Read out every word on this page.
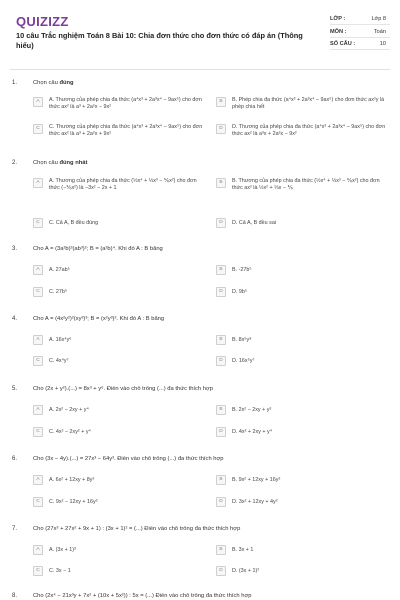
QUIZIZZ
10 câu Trắc nghiệm Toán 8 Bài 10: Chia đơn thức cho đơn thức có đáp án (Thông hiểu)
LỚP :	Lớp 8
MÔN :	Toán
SỐ CÂU :	10
1.	Chọn câu đúng
A	A. Thương của phép chia đa thức (a⁴x³ + 2a³x⁴ − 9ax⁵) cho đơn thức ax² là a³ + 2a²x − 9x²
B	B. Phép chia đa thức (a⁴x³ + 2a³x⁴ − 9ax⁵) cho đơn thức ax²y là phép chia hết
C	C. Thương của phép chia đa thức (a⁴x³ + 2a³x⁴ − 9ax⁵) cho đơn thức ax² là a³ + 2a²x + 9x²
D	D. Thương của phép chia đa thức (a⁴x³ + 2a³x⁴ − 9ax⁵) cho đơn thức ax² là a³x + 2a²x − 9x²
2.	Chọn câu đúng nhất
A	A. Thương của phép chia đa thức (½x⁴ + ⅓x³ − ⅙x²) cho đơn thức (−⅙x²) là −3x² − 2x + 1
B	B. Thương của phép chia đa thức (½x⁴ + ⅓x³ − ⅙x²) cho đơn thức ax² là ½x² + ⅓x − ⅙
C	C. Cả A, B đều đúng	D	D. Cả A, B đều sai
3.	Cho A = (3a²b)³(ab³)²; B = (a²b)⁴. Khi đó A : B bằng
A	A. 27ab⁵	B	B. -27b⁵
C	C. 27b⁵	D	D. 9b⁵
4.	Cho A = (4x²y²)²(xy³)³; B = (x²y³)². Khi đó A : B bằng
A	A. 16x⁴y⁶	B	B. 8x⁵y⁸
C	C. 4x⁴y⁷	D	D. 16x⁵y⁷
5.	Cho (2x + y²).(...) = 8x³ + y⁶. Điền vào chỗ trống (...) đa thức thích hợp
A	A. 2x² − 2xy + y⁴	B	B. 2x² − 2xy + y²
C	C. 4x² − 2xy² + y⁴	D	D. 4x² + 2xy + y⁴
6.	Cho (3x − 4y).(...) = 27x³ − 64y³. Điền vào chỗ trống (...) đa thức thích hợp
A	A. 6x² + 12xy + 8y²	B	B. 9x² + 12xy + 16y²
C	C. 9x² − 12xy + 16y²	D	D. 3x² + 12xy + 4y²
7.	Cho (27x³ + 27x² + 9x + 1) : (3x + 1)² = (...) Điền vào chỗ trống đa thức thích hợp
A	A. (3x + 1)³	B	B. 3x + 1
C	C. 3x − 1	D	D. (3x + 1)²
8.	Cho (2x⁴ − 21x³y + 7x² + (10x + 5x²)) : 5x = (...) Điền vào chỗ trống đa thức thích hợp
